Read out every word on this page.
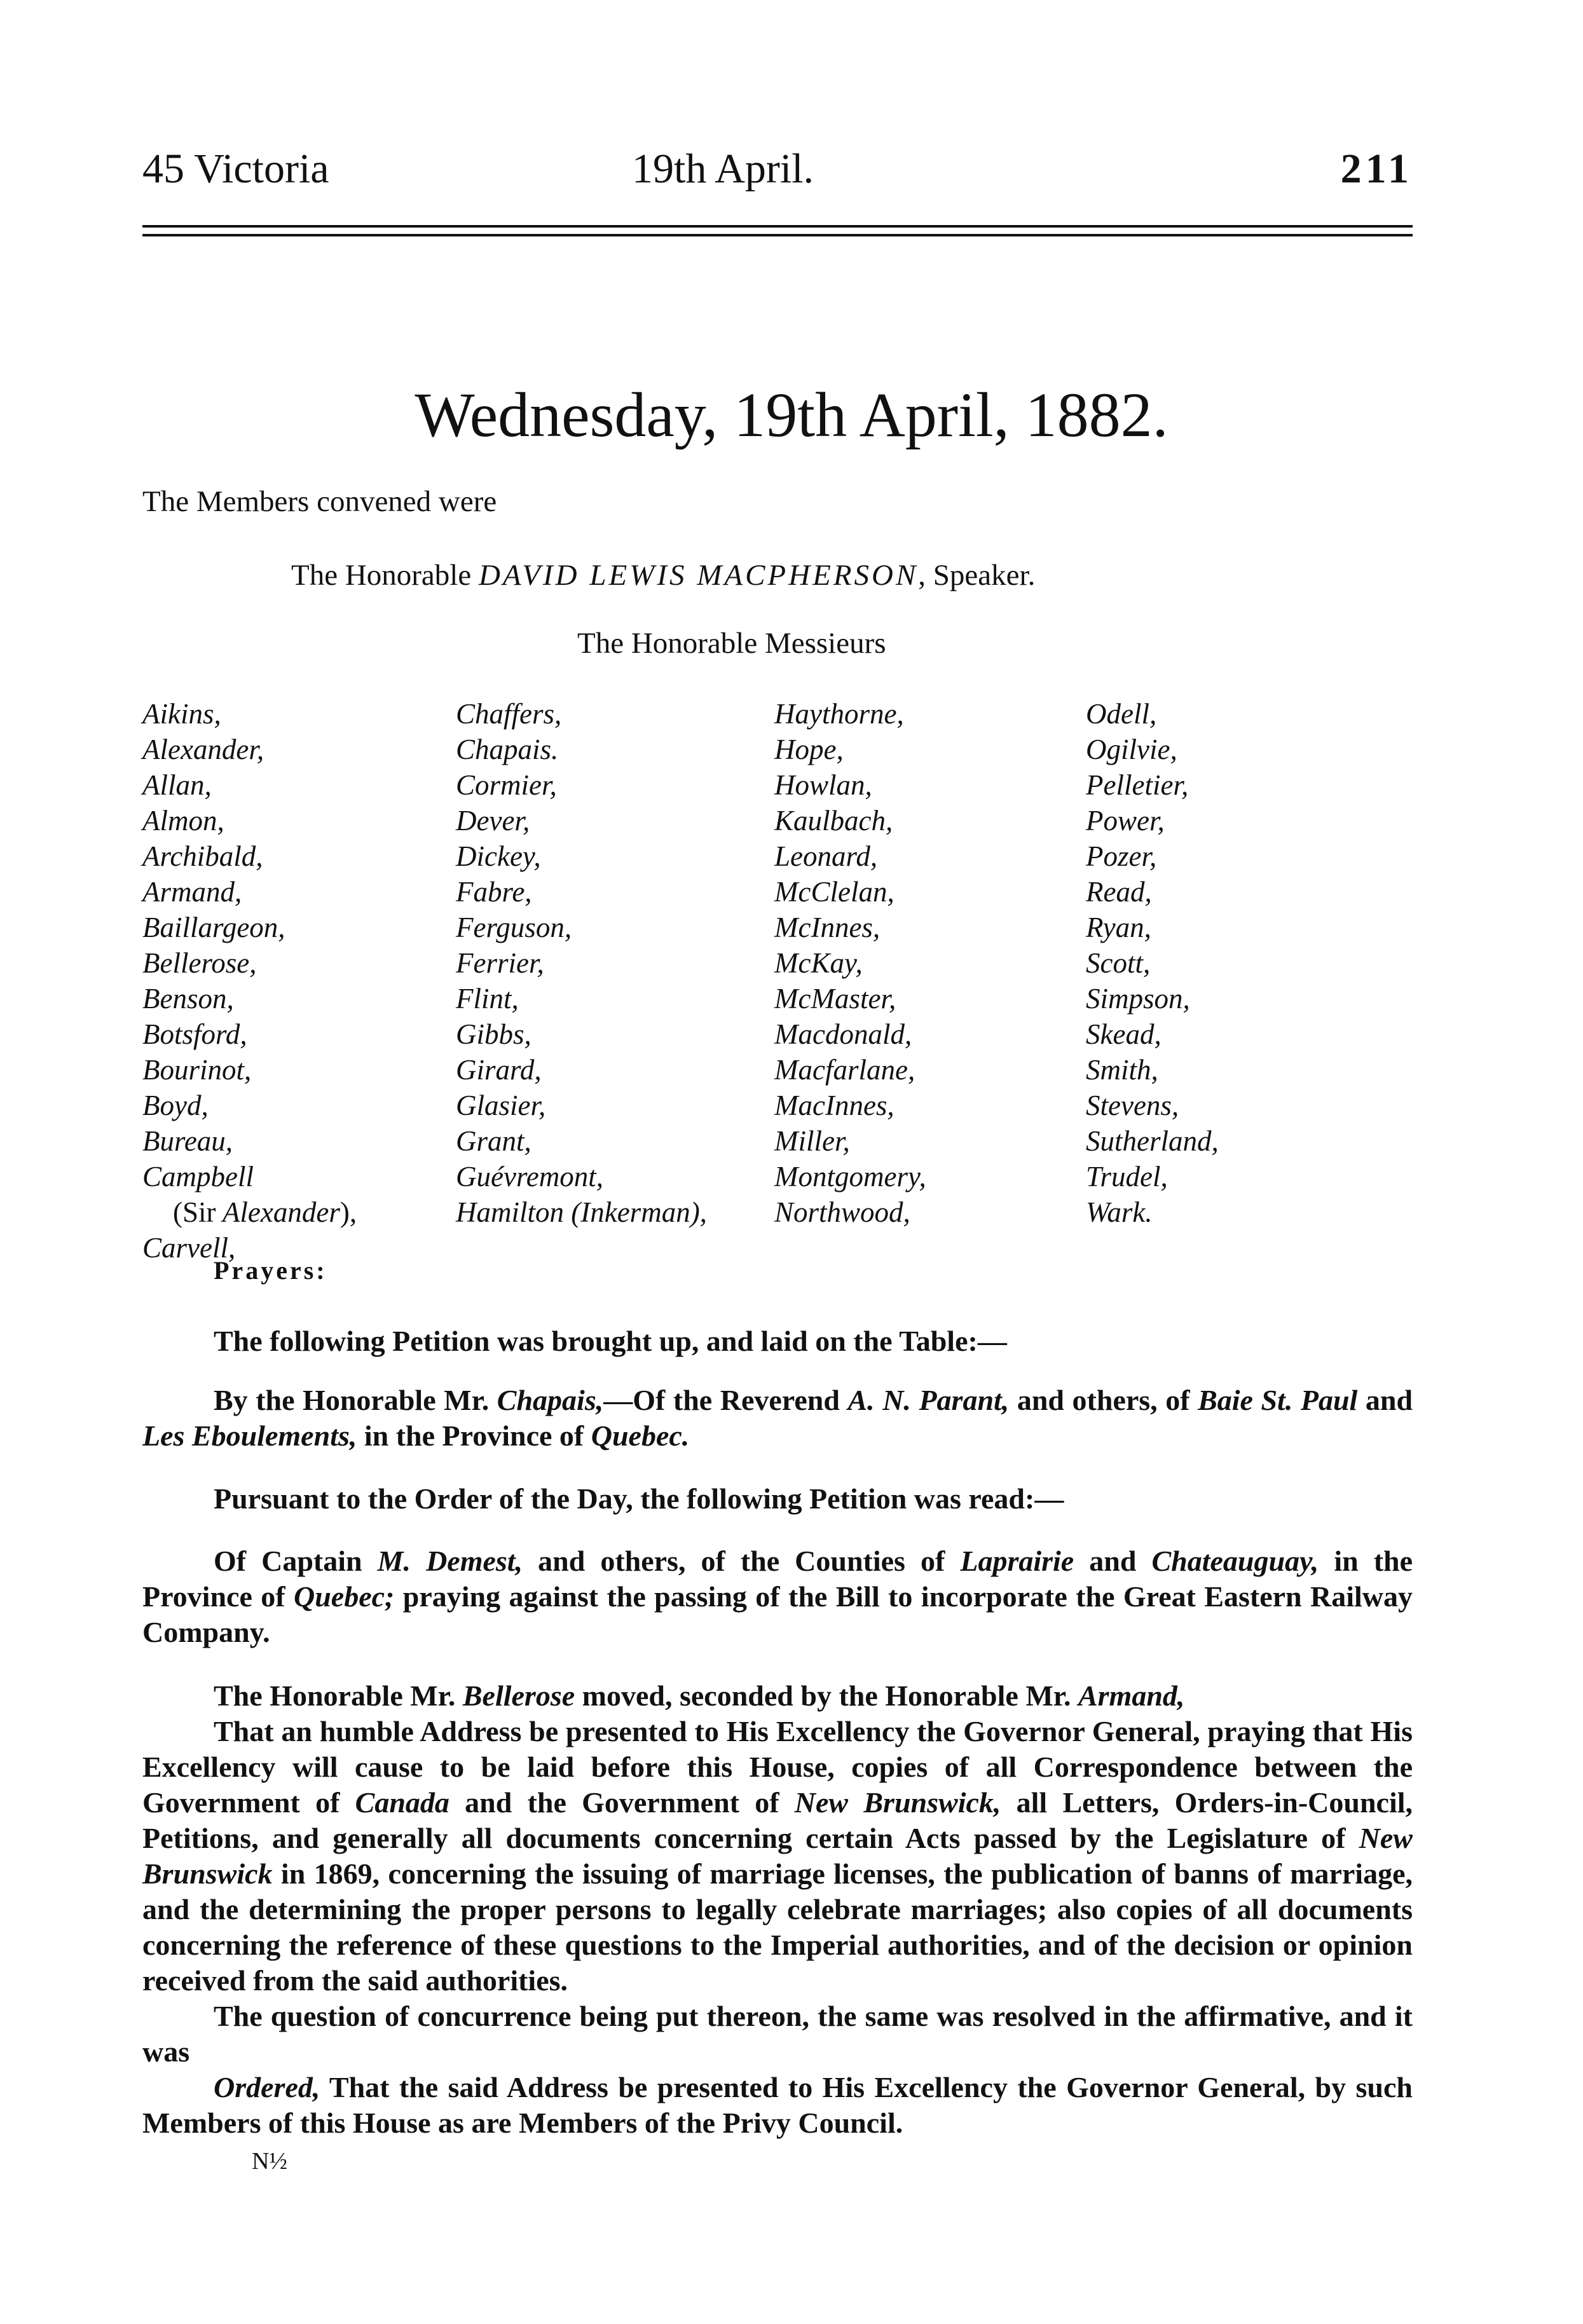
45 Victoria	19th April.	211
Wednesday, 19th April, 1882.
The Members convened were
The Honorable DAVID LEWIS MACPHERSON, Speaker.
The Honorable Messieurs
Aikins,
Alexander,
Allan,
Almon,
Archibald,
Armand,
Baillargeon,
Bellerose,
Benson,
Botsford,
Bourinot,
Boyd,
Bureau,
Campbell
(Sir Alexander),
Carvell,
Chaffers,
Chapais.
Cormier,
Dever,
Dickey,
Fabre,
Ferguson,
Ferrier,
Flint,
Gibbs,
Girard,
Glasier,
Grant,
Guévremont,
Hamilton (Inkerman),
Haythorne,
Hope,
Howlan,
Kaulbach,
Leonard,
McClelan,
McInnes,
McKay,
McMaster,
Macdonald,
Macfarlane,
MacInnes,
Miller,
Montgomery,
Northwood,
Odell,
Ogilvie,
Pelletier,
Power,
Pozer,
Read,
Ryan,
Scott,
Simpson,
Skead,
Smith,
Stevens,
Sutherland,
Trudel,
Wark.
Prayers:
The following Petition was brought up, and laid on the Table:—
By the Honorable Mr. Chapais,—Of the Reverend A. N. Parant, and others, of Baie St. Paul and Les Eboulements, in the Province of Quebec.
Pursuant to the Order of the Day, the following Petition was read:—
Of Captain M. Demest, and others, of the Counties of Laprairie and Chateauguay, in the Province of Quebec; praying against the passing of the Bill to incorporate the Great Eastern Railway Company.
The Honorable Mr. Bellerose moved, seconded by the Honorable Mr. Armand,
That an humble Address be presented to His Excellency the Governor General, praying that His Excellency will cause to be laid before this House, copies of all Correspondence between the Government of Canada and the Government of New Brunswick, all Letters, Orders-in-Council, Petitions, and generally all documents concerning certain Acts passed by the Legislature of New Brunswick in 1869, concerning the issuing of marriage licenses, the publication of banns of marriage, and the determining the proper persons to legally celebrate marriages; also copies of all documents concerning the reference of these questions to the Imperial authorities, and of the decision or opinion received from the said authorities.
The question of concurrence being put thereon, the same was resolved in the affirmative, and it was
Ordered, That the said Address be presented to His Excellency the Governor General, by such Members of this House as are Members of the Privy Council.
N½
